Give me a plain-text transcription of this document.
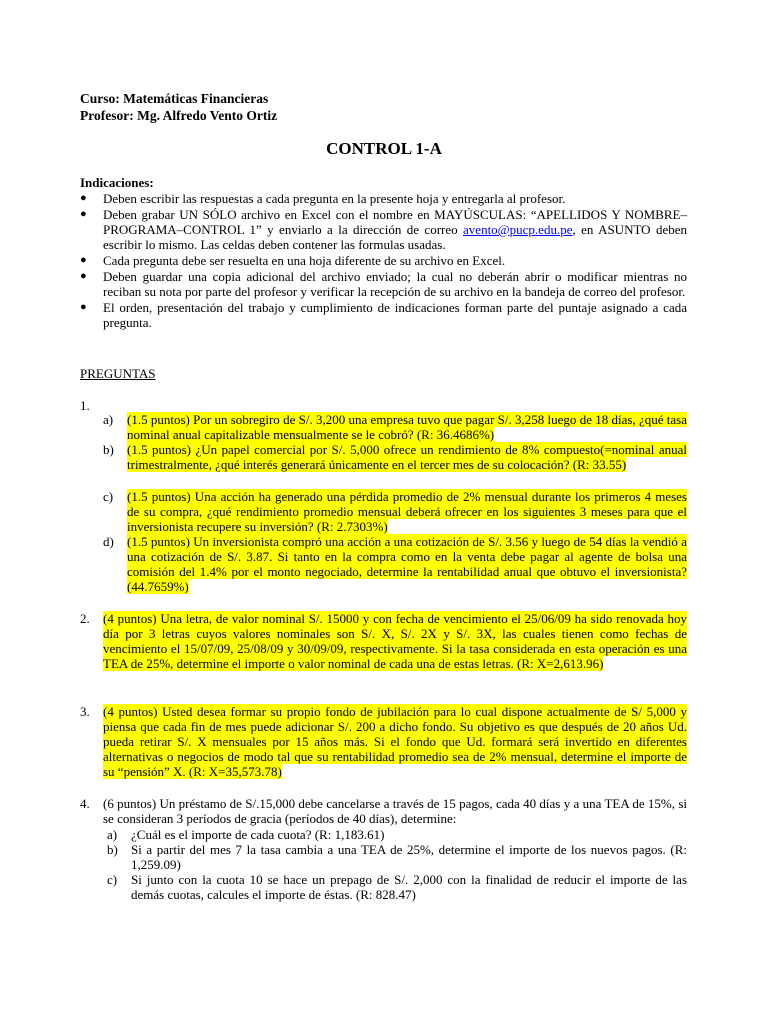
Curso: Matemáticas Financieras
Profesor: Mg. Alfredo Vento Ortiz
CONTROL 1-A
Indicaciones:
●	Deben escribir las respuestas a cada pregunta en la presente hoja y entregarla al profesor.
●	Deben grabar UN SÓLO archivo en Excel con el nombre en MAYÚSCULAS: “APELLIDOS Y NOMBRE–PROGRAMA–CONTROL 1” y enviarlo a la dirección de correo avento@pucp.edu.pe, en ASUNTO deben escribir lo mismo. Las celdas deben contener las formulas usadas.
●	Cada pregunta debe ser resuelta en una hoja diferente de su archivo en Excel.
●	Deben guardar una copia adicional del archivo enviado; la cual no deberán abrir o modificar mientras no reciban su nota por parte del profesor y verificar la recepción de su archivo en la bandeja de correo del profesor.
●	El orden, presentación del trabajo y cumplimiento de indicaciones forman parte del puntaje asignado a cada pregunta.
PREGUNTAS
1.
a)	(1.5 puntos) Por un sobregiro de S/. 3,200 una empresa tuvo que pagar S/. 3,258 luego de 18 días, ¿qué tasa nominal anual capitalizable mensualmente se le cobró? (R: 36.4686%)
b)	(1.5 puntos) ¿Un papel comercial por S/. 5,000 ofrece un rendimiento de 8% compuesto(=nominal anual trimestralmente, ¿qué interés generará únicamente en el tercer mes de su colocación? (R: 33.55)
c)	(1.5 puntos) Una acción ha generado una pérdida promedio de 2% mensual durante los primeros 4 meses de su compra, ¿qué rendimiento promedio mensual deberá ofrecer en los siguientes 3 meses para que el inversionista recupere su inversión? (R: 2.7303%)
d)	(1.5 puntos) Un inversionista compró una acción a una cotización de S/. 3.56 y luego de 54 días la vendió a una cotización de S/. 3.87. Si tanto en la compra como en la venta debe pagar al agente de bolsa una comisión del 1.4% por el monto negociado, determine la rentabilidad anual que obtuvo el inversionista? (44.7659%)
2. (4 puntos) Una letra, de valor nominal S/. 15000 y con fecha de vencimiento el 25/06/09 ha sido renovada hoy día por 3 letras cuyos valores nominales son S/. X, S/. 2X y S/. 3X, las cuales tienen como fechas de vencimiento el 15/07/09, 25/08/09 y 30/09/09, respectivamente. Si la tasa considerada en esta operación es una TEA de 25%, determine el importe o valor nominal de cada una de estas letras. (R: X=2,613.96)
3. (4 puntos) Usted desea formar su propio fondo de jubilación para lo cual dispone actualmente de S/ 5,000 y piensa que cada fin de mes puede adicionar S/. 200 a dicho fondo. Su objetivo es que después de 20 años Ud. pueda retirar S/. X mensuales por 15 años más. Si el fondo que Ud. formará será invertido en diferentes alternativas o negocios de modo tal que su rentabilidad promedio sea de 2% mensual, determine el importe de su “pensión” X. (R: X=35,573.78)
4. (6 puntos) Un préstamo de S/.15,000 debe cancelarse a través de 15 pagos, cada 40 días y a una TEA de 15%, si se consideran 3 períodos de gracia (períodos de 40 días), determine:
a)	¿Cuál es el importe de cada cuota? (R: 1,183.61)
b)	Si a partir del mes 7 la tasa cambia a una TEA de 25%, determine el importe de los nuevos pagos. (R: 1,259.09)
c)	Si junto con la cuota 10 se hace un prepago de S/. 2,000 con la finalidad de reducir el importe de las demás cuotas, calcules el importe de éstas. (R: 828.47)
